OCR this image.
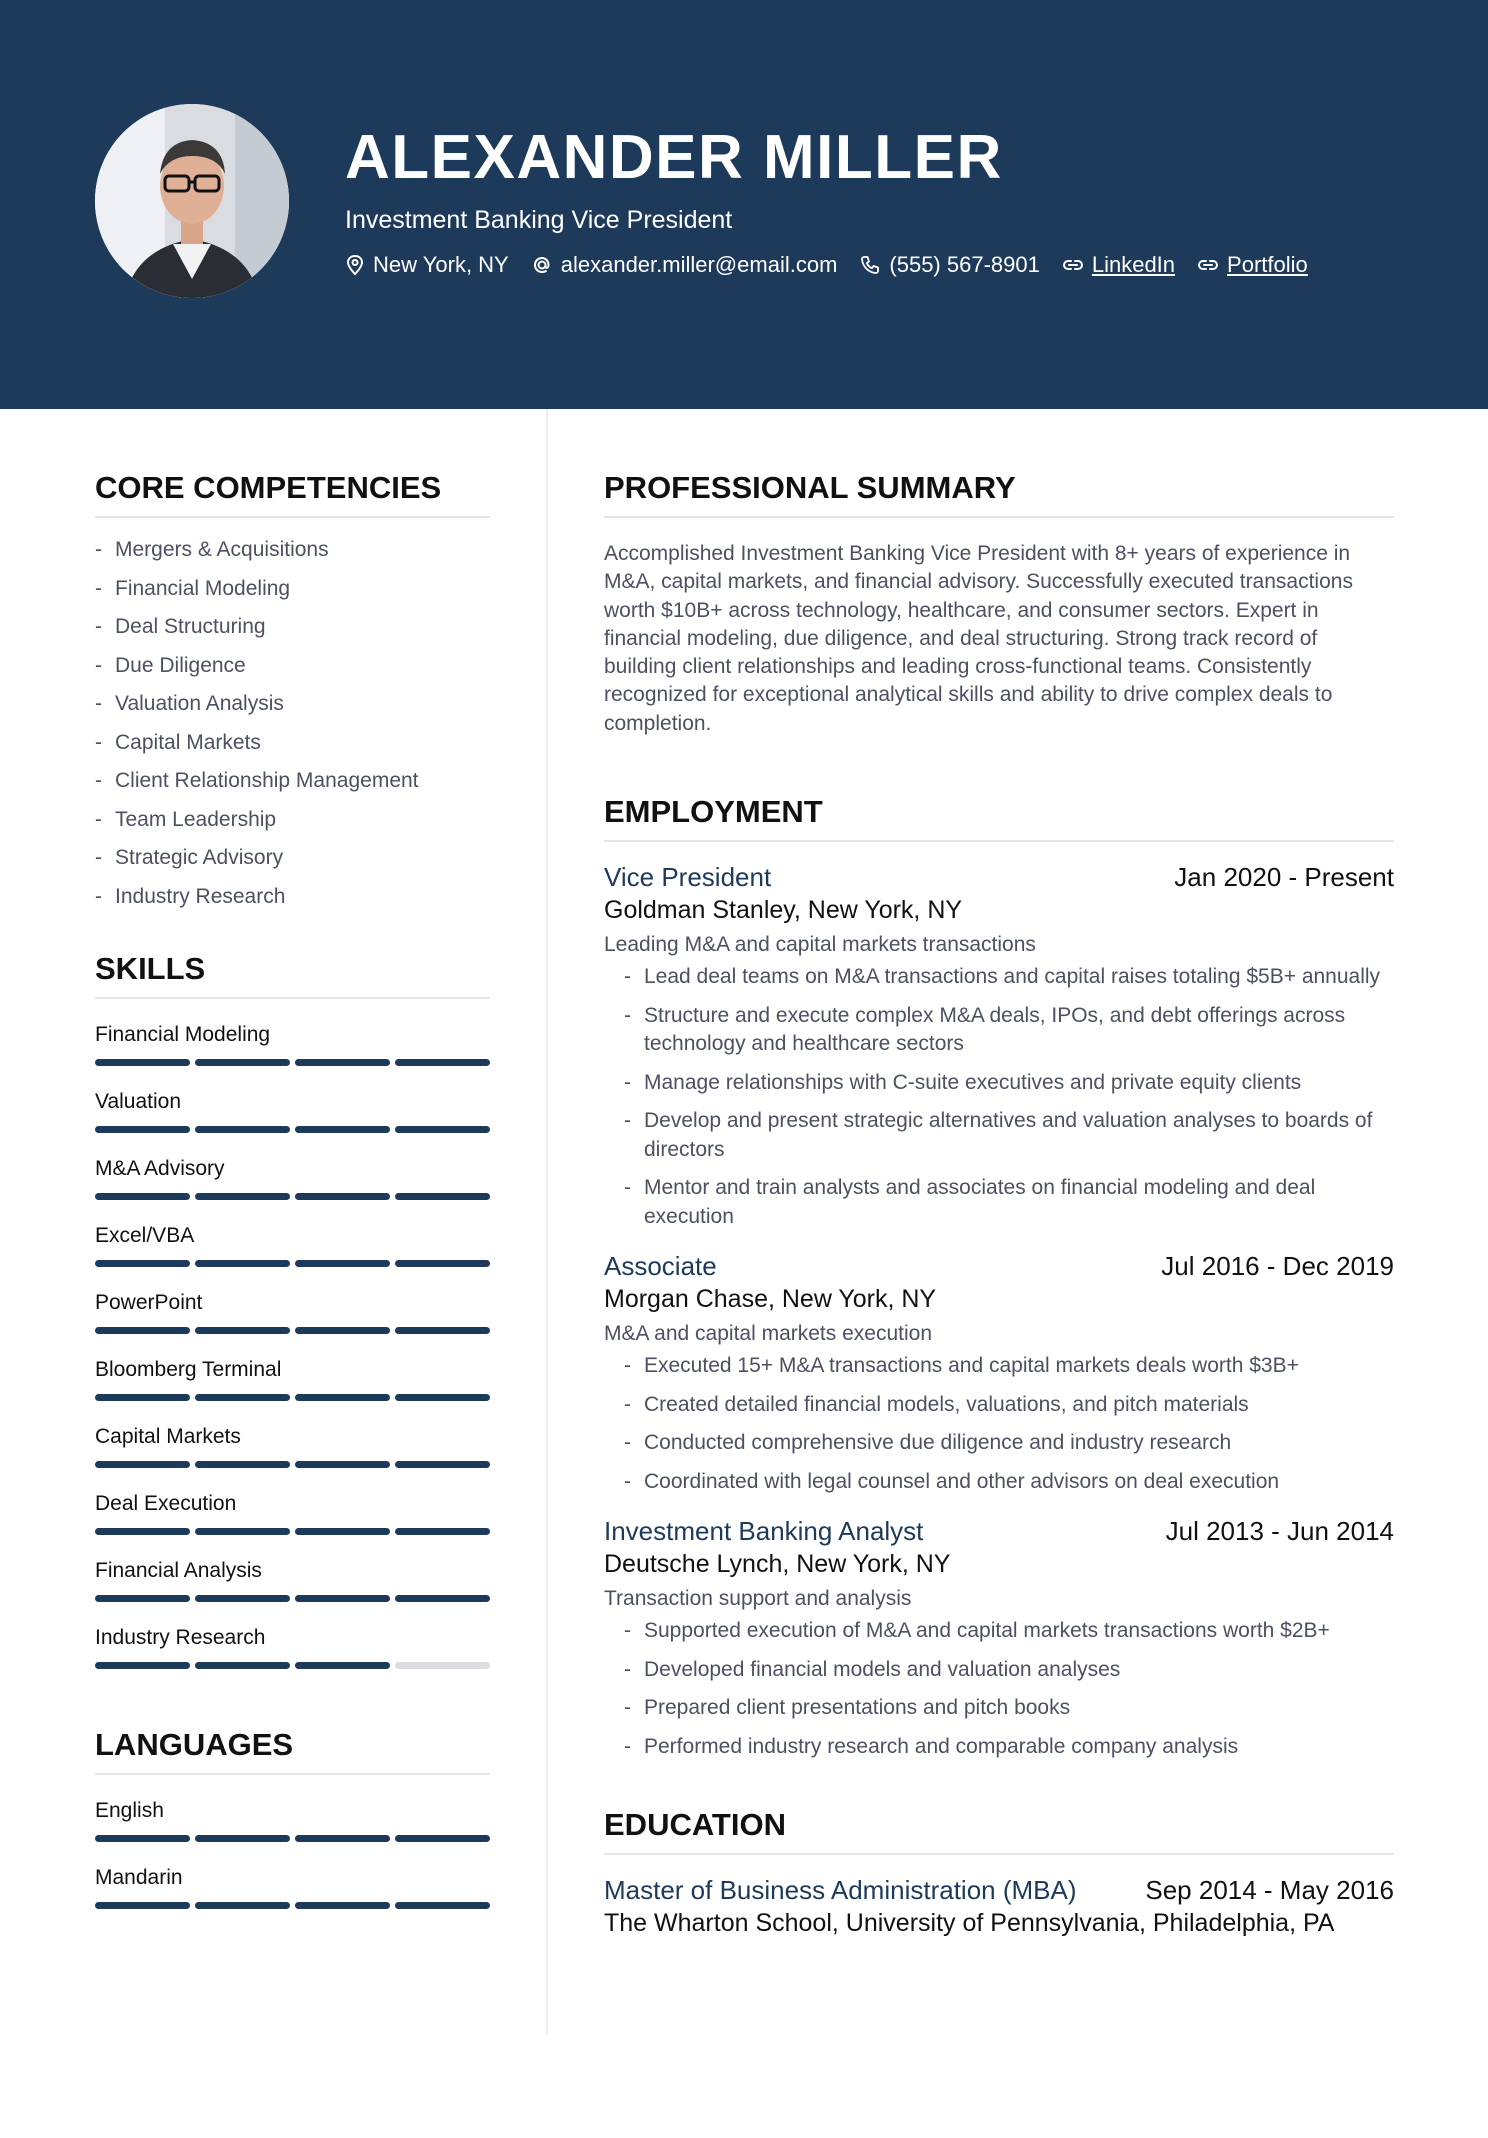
ALEXANDER MILLER
Investment Banking Vice President
New York, NY alexander.miller@email.com (555) 567-8901 LinkedIn Portfolio
CORE COMPETENCIES
- Mergers & Acquisitions
- Financial Modeling
- Deal Structuring
- Due Diligence
- Valuation Analysis
- Capital Markets
- Client Relationship Management
- Team Leadership
- Strategic Advisory
- Industry Research
SKILLS
Financial Modeling
Valuation
M&A Advisory
Excel/VBA
PowerPoint
Bloomberg Terminal
Capital Markets
Deal Execution
Financial Analysis
Industry Research
LANGUAGES
English
Mandarin
PROFESSIONAL SUMMARY

Accomplished Investment Banking Vice President with 8+ years of experience in M&A, capital markets, and financial advisory. Successfully executed transactions worth $10B+ across technology, healthcare, and consumer sectors. Expert in financial modeling, due diligence, and deal structuring. Strong track record of building client relationships and leading cross-functional teams. Consistently recognized for exceptional analytical skills and ability to drive complex deals to completion.

EMPLOYMENT
Vice President	Jan 2020 - Present
Goldman Stanley, New York, NY
Leading M&A and capital markets transactions
- Lead deal teams on M&A transactions and capital raises totaling $5B+ annually
- Structure and execute complex M&A deals, IPOs, and debt offerings across technology and healthcare sectors
- Manage relationships with C-suite executives and private equity clients
- Develop and present strategic alternatives and valuation analyses to boards of directors
- Mentor and train analysts and associates on financial modeling and deal execution
Associate	Jul 2016 - Dec 2019
Morgan Chase, New York, NY
M&A and capital markets execution
- Executed 15+ M&A transactions and capital markets deals worth $3B+
- Created detailed financial models, valuations, and pitch materials
- Conducted comprehensive due diligence and industry research
- Coordinated with legal counsel and other advisors on deal execution
Investment Banking Analyst	Jul 2013 - Jun 2014
Deutsche Lynch, New York, NY
Transaction support and analysis
- Supported execution of M&A and capital markets transactions worth $2B+
- Developed financial models and valuation analyses
- Prepared client presentations and pitch books
- Performed industry research and comparable company analysis
EDUCATION
Master of Business Administration (MBA)	Sep 2014 - May 2016
The Wharton School, University of Pennsylvania, Philadelphia, PA
